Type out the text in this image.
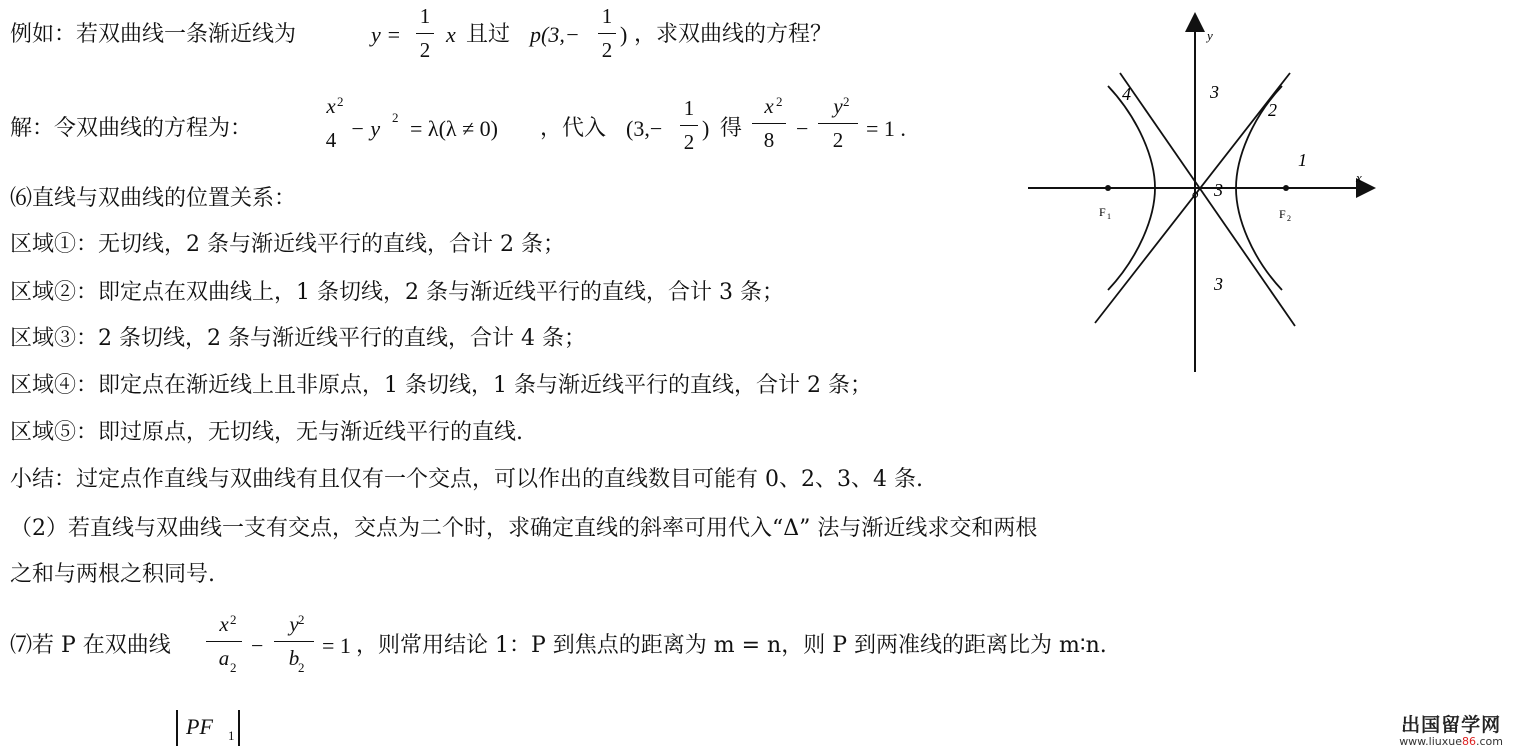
例如：若双曲线一条渐近线为	y =
1
2
x 且过 p(3,−
1
2
) ，求双曲线的方程？
解：令双曲线的方程为：
x
4
2
− y 2 = λ(λ ≠ 0) ，代入 (3,−
1
2
) 得
x
8
2
−
y
2
2
= 1 .
⑹直线与双曲线的位置关系：
区域①：无切线，2 条与渐近线平行的直线，合计 2 条；
区域②：即定点在双曲线上，1 条切线，2 条与渐近线平行的直线，合计 3 条；
区域③：2 条切线，2 条与渐近线平行的直线，合计 4 条；
区域④：即定点在渐近线上且非原点，1 条切线，1 条与渐近线平行的直线，合计 2 条；
区域⑤：即过原点，无切线，无与渐近线平行的直线.
小结：过定点作直线与双曲线有且仅有一个交点，可以作出的直线数目可能有 0、2、3、4 条.
（2）若直线与双曲线一支有交点，交点为二个时，求确定直线的斜率可用代入“Δ” 法与渐近线求交和两根
之和与两根之积同号.
⑺若 P 在双曲线
x
a
2
2
−
y
b
2
2
= 1 ，则常用结论 1：P 到焦点的距离为 m = n，则 P 到两准线的距离比为 m∶n.
PF 1
x
y
o
F 1	F 2
1
2
3
3
3
4
出国留学网
www.liuxue86.com
